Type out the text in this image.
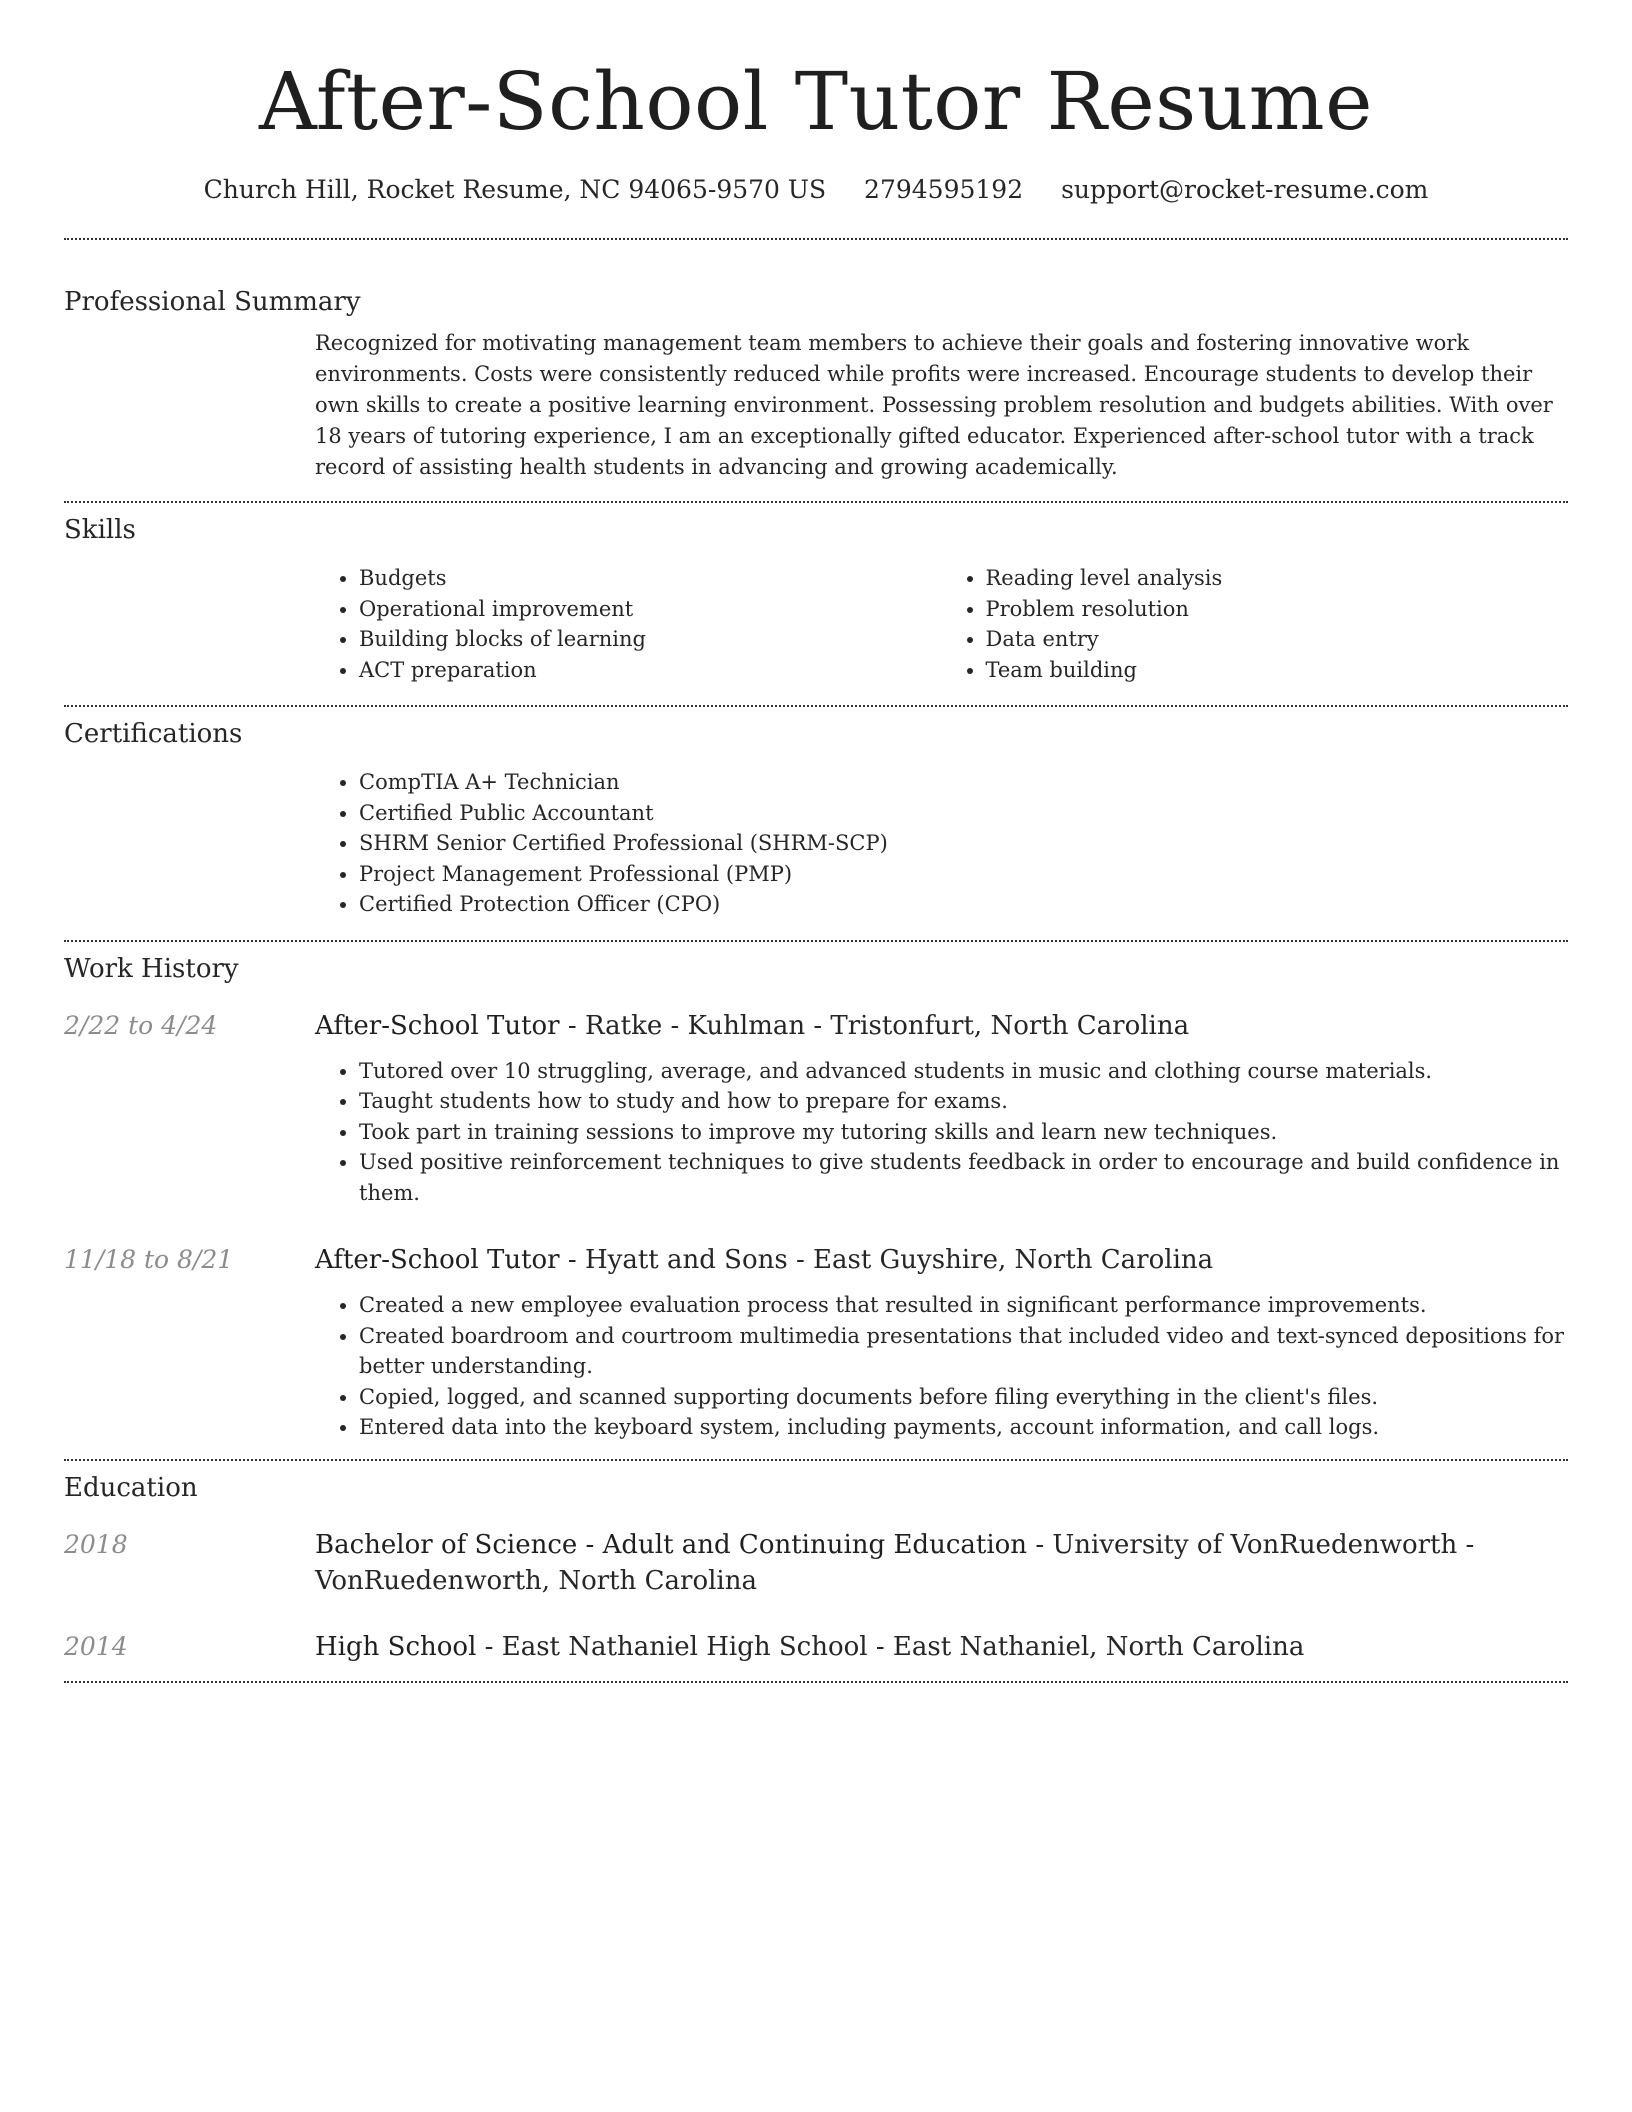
After-School Tutor Resume
Church Hill, Rocket Resume, NC 94065-9570 US 2794595192 support@rocket-resume.com
Professional Summary

Recognized for motivating management team members to achieve their goals and fostering innovative work environments. Costs were consistently reduced while profits were increased. Encourage students to develop their own skills to create a positive learning environment. Possessing problem resolution and budgets abilities. With over 18 years of tutoring experience, I am an exceptionally gifted educator. Experienced after-school tutor with a track record of assisting health students in advancing and growing academically.

Skills
• Budgets
• Operational improvement
• Building blocks of learning
• ACT preparation
• Reading level analysis
• Problem resolution
• Data entry
• Team building
Certifications
• CompTIA A+ Technician
• Certified Public Accountant
• SHRM Senior Certified Professional (SHRM-SCP)
• Project Management Professional (PMP)
• Certified Protection Officer (CPO)
Work History
2/22 to 4/24	After-School Tutor - Ratke - Kuhlman - Tristonfurt, North Carolina
• Tutored over 10 struggling, average, and advanced students in music and clothing course materials.
• Taught students how to study and how to prepare for exams.
• Took part in training sessions to improve my tutoring skills and learn new techniques.
• Used positive reinforcement techniques to give students feedback in order to encourage and build confidence in them.
11/18 to 8/21	After-School Tutor - Hyatt and Sons - East Guyshire, North Carolina
• Created a new employee evaluation process that resulted in significant performance improvements.
• Created boardroom and courtroom multimedia presentations that included video and text-synced depositions for better understanding.
• Copied, logged, and scanned supporting documents before filing everything in the client's files.
• Entered data into the keyboard system, including payments, account information, and call logs.
Education
2018	Bachelor of Science - Adult and Continuing Education - University of VonRuedenworth - VonRuedenworth, North Carolina
2014	High School - East Nathaniel High School - East Nathaniel, North Carolina
